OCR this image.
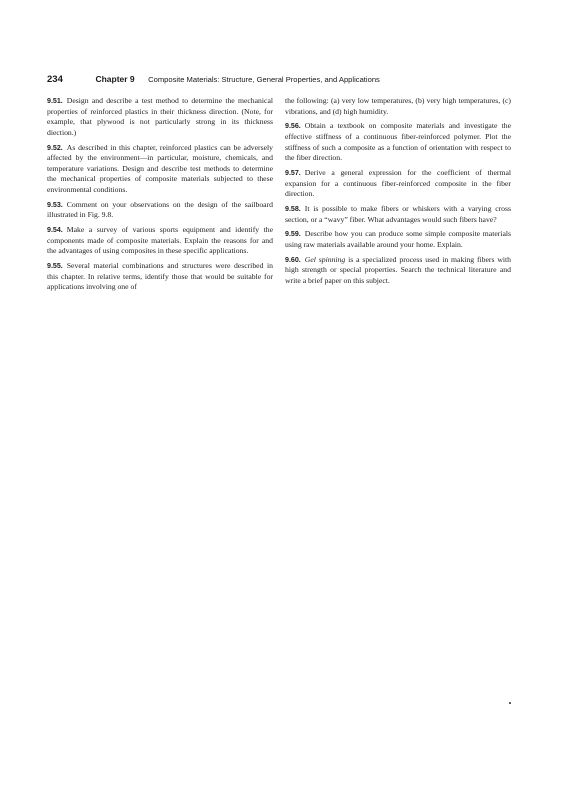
234	Chapter 9 Composite Materials: Structure, General Properties, and Applications

9.51. Design and describe a test method to determine the mechanical properties of reinforced plastics in their thickness direction. (Note, for example, that plywood is not particularly strong in its thickness diection.)

9.52. As described in this chapter, reinforced plastics can be adversely affected by the environment—in particular, moisture, chemicals, and temperature variations. Design and describe test methods to determine the mechanical properties of composite materials subjected to these environmental conditions.

9.53. Comment on your observations on the design of the sailboard illustrated in Fig. 9.8.

9.54. Make a survey of various sports equipment and identify the components made of composite materials. Explain the reasons for and the advantages of using composites in these specific applications.

9.55. Several material combinations and structures were described in this chapter. In relative terms, identify those that would be suitable for applications involving one of

the following: (a) very low temperatures, (b) very high temperatures, (c) vibrations, and (d) high humidity.

9.56. Obtain a textbook on composite materials and investigate the effective stiffness of a continuous fiber-reinforced polymer. Plot the stiffness of such a composite as a function of orientation with respect to the fiber direction.

9.57. Derive a general expression for the coefficient of thermal expansion for a continuous fiber-reinforced composite in the fiber direction.

9.58. It is possible to make fibers or whiskers with a varying cross section, or a “wavy” fiber. What advantages would such fibers have?

9.59. Describe how you can produce some simple composite materials using raw materials available around your home. Explain.

9.60. Gel spinning is a specialized process used in making fibers with high strength or special properties. Search the technical literature and write a brief paper on this subject.
